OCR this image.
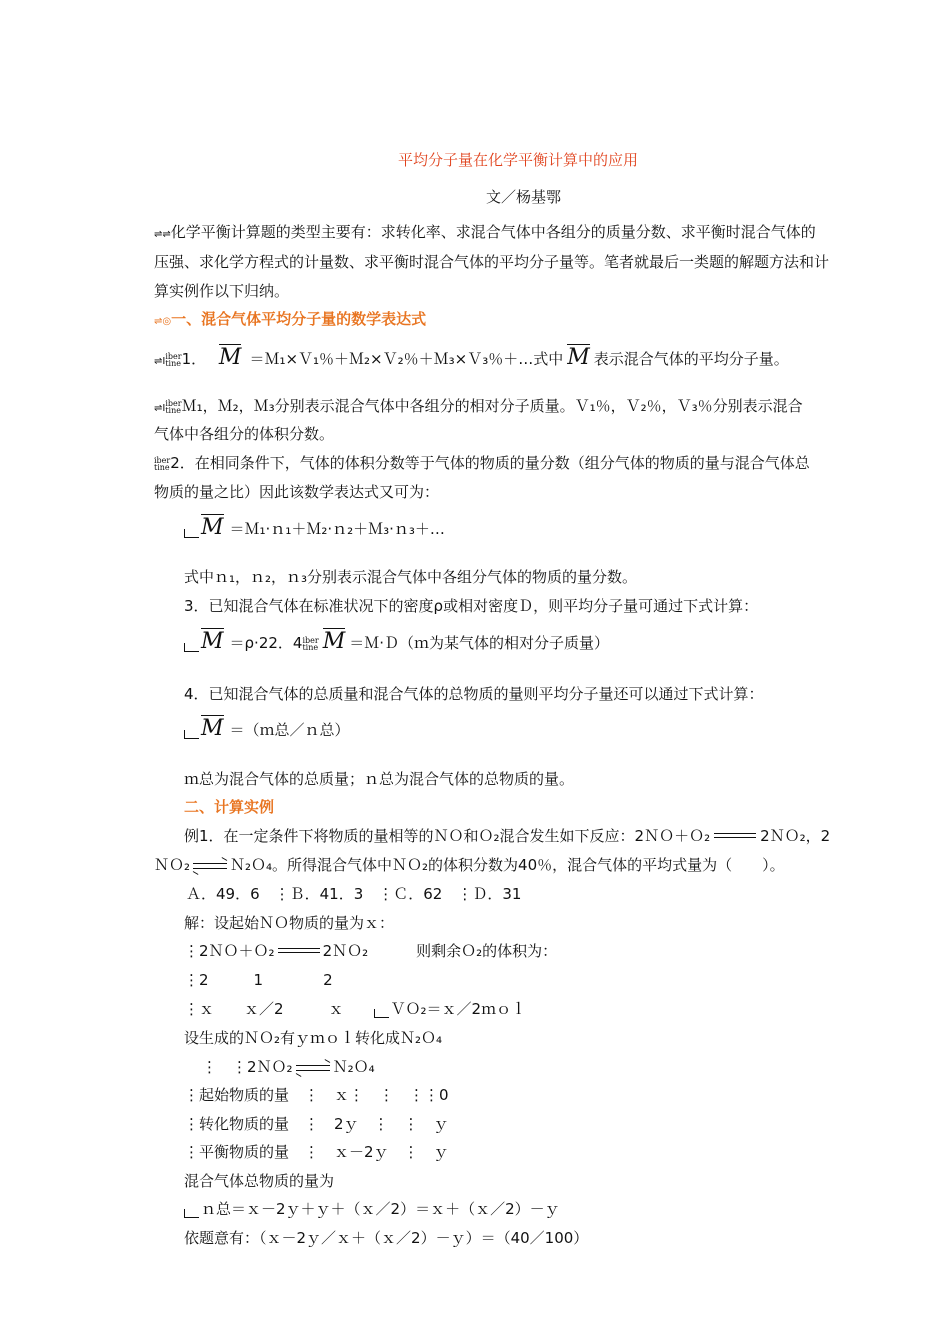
平均分子量在化学平衡计算中的应用
文／杨基鄂
⇌⇌化学平衡计算题的类型主要有：求转化率、求混合气体中各组分的质量分数、求平衡时混合气体的
压强、求化学方程式的计量数、求平衡时混合气体的平均分子量等。笔者就最后一类题的解题方法和计
算实例作以下归纳。
⇌◎一、混合气体平均分子量的数学表达式
⇌Iiber
tine1． M ＝Ｍ₁×Ｖ₁％＋Ｍ₂×Ｖ₂％＋Ｍ₃×Ｖ₃％＋…式中 M 表示混合气体的平均分子量。
⇌Iiber
tineＭ₁，Ｍ₂，Ｍ₃分别表示混合气体中各组分的相对分子质量。Ｖ₁％，Ｖ₂％，Ｖ₃％分别表示混合
气体中各组分的体积分数。
iber
tine2．在相同条件下，气体的体积分数等于气体的物质的量分数（组分气体的物质的量与混合气体总
物质的量之比）因此该数学表达式又可为：
M ＝Ｍ₁·ｎ₁＋Ｍ₂·ｎ₂＋Ｍ₃·ｎ₃＋…
式中ｎ₁，ｎ₂，ｎ₃分别表示混合气体中各组分气体的物质的量分数。
3．已知混合气体在标准状况下的密度ρ或相对密度Ｄ，则平均分子量可通过下式计算：
M ＝ρ·22．4iber
tine M ＝Ｍ·Ｄ（ｍ为某气体的相对分子质量）
4．已知混合气体的总质量和混合气体的总物质的量则平均分子量还可以通过下式计算：
M ＝（ｍ总／ｎ总）
ｍ总为混合气体的总质量；ｎ总为混合气体的总物质的量。
二、计算实例
例1．在一定条件下将物质的量相等的ＮＯ和Ｏ₂混合发生如下反应：2ＮＯ＋Ｏ₂	2ＮＯ₂，2
ＮＯ₂ ⇌ Ｎ₂Ｏ₄。所得混合气体中ＮＯ₂的体积分数为40％，混合气体的平均式量为（　　）。
Ａ．49．6　⋮Ｂ．41．3　⋮Ｃ．62　⋮Ｄ．31
解：设起始ＮＯ物质的量为ｘ：
⋮2ＮＯ＋Ｏ₂	2ＮＯ₂	则剩余Ｏ₂的体积为：
⋮2　　　1　　　　2
⋮ｘ　　ｘ／2　　　ｘ　　ＶＯ₂＝ｘ／2ｍｏｌ
设生成的ＮＯ₂有ｙｍｏｌ转化成Ｎ₂Ｏ₄
⋮　⋮2ＮＯ₂ ⇌ Ｎ₂Ｏ₄
⋮起始物质的量　⋮　ｘ⋮　⋮　⋮⋮0
⋮转化物质的量　⋮　2ｙ　⋮　⋮　ｙ
⋮平衡物质的量　⋮　ｘ－2ｙ　⋮　ｙ
混合气体总物质的量为
ｎ总＝ｘ－2ｙ＋ｙ＋（ｘ／2）＝ｘ＋（ｘ／2）－ｙ
依题意有：（ｘ－2ｙ／ｘ＋（ｘ／2）－ｙ）＝（40／100）
